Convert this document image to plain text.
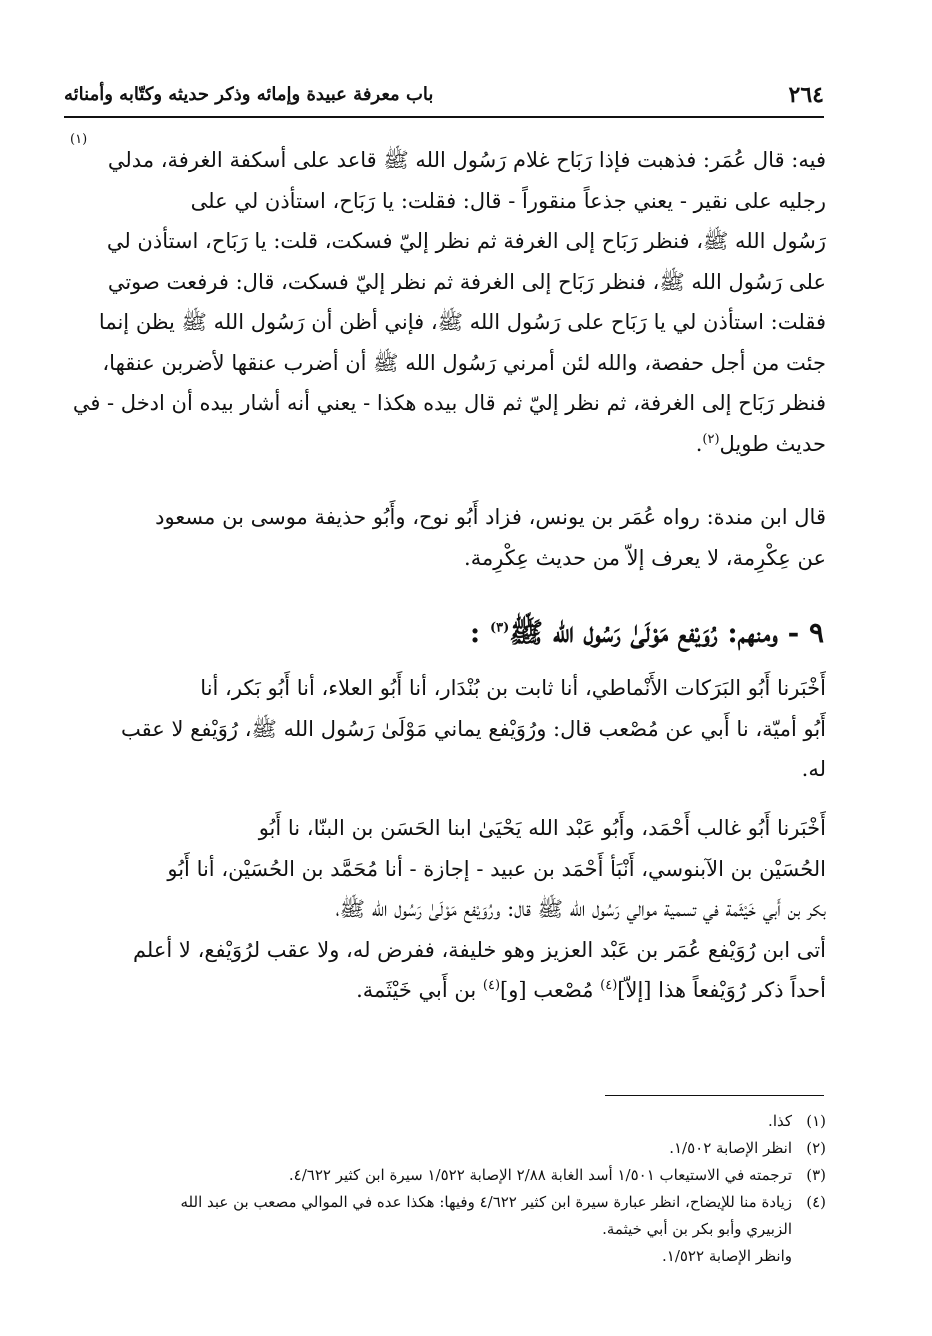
٢٦٤
باب معرفة عبيدة وإمائه وذكر حديثه وكتّابه وأمنائه
فيه: قال عُمَر: فذهبت فإذا رَبَاح غلام رَسُول الله ﷺ قاعد على أسكفة الغرفة، مدلي
رجليه على نقير - يعني جذعاً منقوراً - قال: فقلت: يا رَبَاح، استأذن لي على
رَسُول الله ﷺ، فنظر رَبَاح إلى الغرفة ثم نظر إليّ فسكت، قلت: يا رَبَاح، استأذن لي
على رَسُول الله ﷺ، فنظر رَبَاح إلى الغرفة ثم نظر إليّ فسكت، قال: فرفعت صوتي
فقلت: استأذن لي يا رَبَاح على رَسُول الله ﷺ، فإني أظن أن رَسُول الله ﷺ يظن إنما
جئت من أجل حفصة، والله لئن أمرني رَسُول الله ﷺ أن أضرب عنقها لأضربن عنقها،
فنظر رَبَاح إلى الغرفة، ثم نظر إليّ ثم قال بيده هكذا - يعني أنه أشار بيده أن ادخل - في
حديث طويل$^{(٢)}$.
(١)
قال ابن مندة: رواه عُمَر بن يونس، فزاد أَبُو نوح، وأَبُو حذيفة موسى بن مسعود
عن عِكْرِمة، لا يعرف إلاّ من حديث عِكْرِمة.
٩ - ومنهم: رُوَيْفع مَوْلَىٰ رَسُول الله ﷺ$^{(٣)}$ :
أَخْبَرنا أَبُو البَرَكات الأَنْماطي، أنا ثابت بن بُنْدَار، أنا أَبُو العلاء، أنا أَبُو بَكر، أنا
أَبُو أميّة، نا أَبي عن مُصْعب قال: ورُوَيْفع يماني مَوْلَىٰ رَسُول الله ﷺ، رُوَيْفع لا عقب
له.
أَخْبَرنا أَبُو غالب أَحْمَد، وأَبُو عَبْد الله يَحْيَىٰ ابنا الحَسَن بن البنّا، نا أَبُو
الحُسَيْن بن الآبنوسي، أَنْبَأ أَحْمَد بن عبيد - إجازة - أنا مُحَمَّد بن الحُسَيْن، أنا أَبُو
بكر بن أَبي خَيْثَمة في تسمية موالي رَسُول الله ﷺ قال: ورُوَيْفع مَوْلَىٰ رَسُول الله ﷺ،
أتى ابن رُوَيْفع عُمَر بن عَبْد العزيز وهو خليفة، ففرض له، ولا عقب لرُوَيْفع، لا أعلم
أحداً ذكر رُوَيْفعاً هذا [إلاّ]$^{(٤)}$ مُصْعب [و]$^{(٤)}$ بن أَبي خَيْثَمة.
(١)كذا.
(٢)انظر الإصابة ١/٥٠٢.
(٣)ترجمته في الاستيعاب ١/٥٠١ أسد الغابة ٢/٨٨ الإصابة ١/٥٢٢ سيرة ابن كثير ٤/٦٢٢.
(٤)زيادة منا للإيضاح، انظر عبارة سيرة ابن كثير ٤/٦٢٢ وفيها: هكذا عده في الموالي مصعب بن عبد الله
الزبيري وأبو بكر بن أبي خيثمة.
وانظر الإصابة ١/٥٢٢.
